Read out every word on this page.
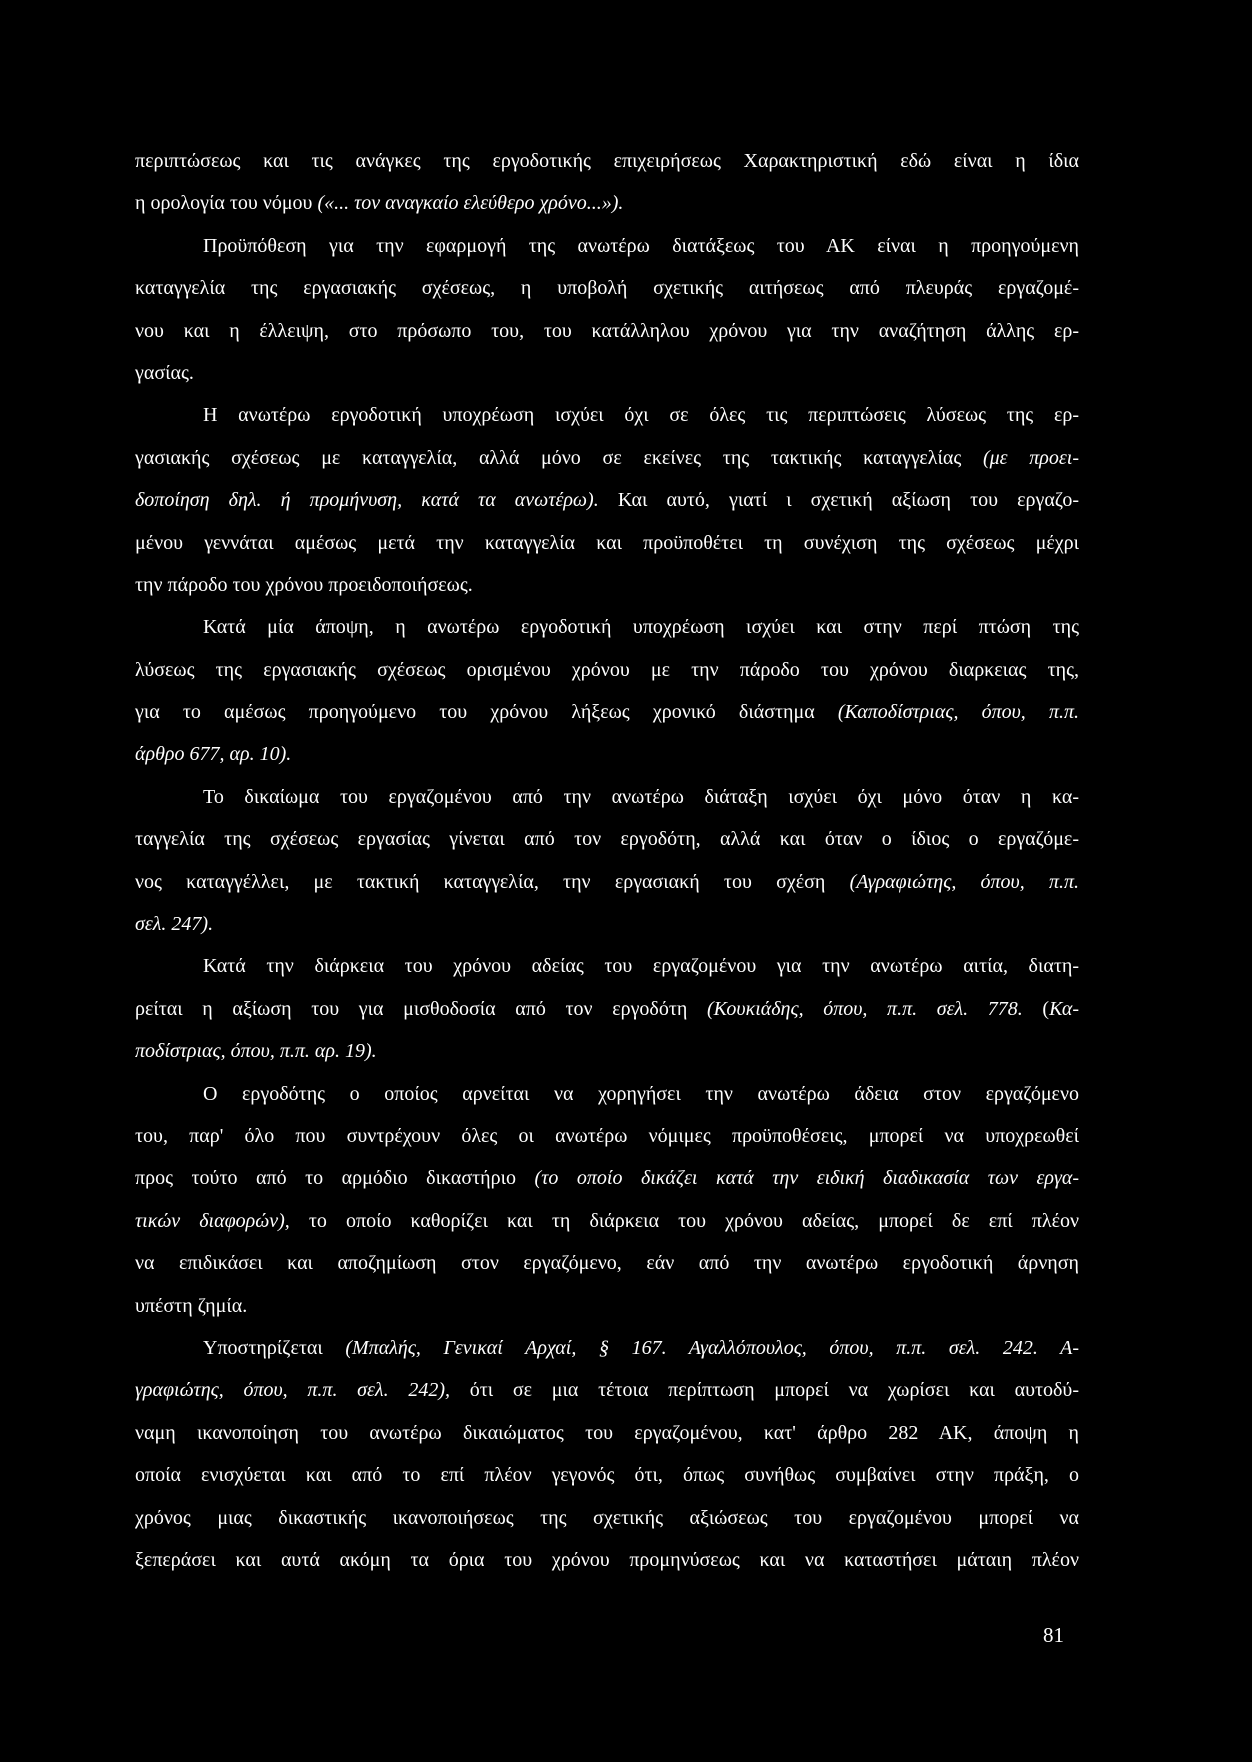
περιπτώσεως και τις ανάγκες της εργοδοτικής επιχειρήσεως Χαρακτηριστική εδώ είναι η ίδια
η ορολογία του νόμου («... τον αναγκαίο ελεύθερο χρόνο...»).
Προϋπόθεση για την εφαρμογή της ανωτέρω διατάξεως του ΑΚ είναι η προηγούμενη
καταγγελία της εργασιακής σχέσεως, η υποβολή σχετικής αιτήσεως από πλευράς εργαζομέ-
νου και η έλλειψη, στο πρόσωπο του, του κατάλληλου χρόνου για την αναζήτηση άλλης ερ-
γασίας.
Η ανωτέρω εργοδοτική υποχρέωση ισχύει όχι σε όλες τις περιπτώσεις λύσεως της ερ-
γασιακής σχέσεως με καταγγελία, αλλά μόνο σε εκείνες της τακτικής καταγγελίας (με προει-
δοποίηση δηλ. ή προμήνυση, κατά τα ανωτέρω). Και αυτό, γιατί ι σχετική αξίωση του εργαζο-
μένου γεννάται αμέσως μετά την καταγγελία και προϋποθέτει τη συνέχιση της σχέσεως μέχρι
την πάροδο του χρόνου προειδοποιήσεως.
Κατά μία άποψη, η ανωτέρω εργοδοτική υποχρέωση ισχύει και στην περί πτώση της
λύσεως της εργασιακής σχέσεως ορισμένου χρόνου με την πάροδο του χρόνου διαρκειας της,
για το αμέσως προηγούμενο του χρόνου λήξεως χρονικό διάστημα (Καποδίστριας, όπου, π.π.
άρθρο 677, αρ. 10).
Το δικαίωμα του εργαζομένου από την ανωτέρω διάταξη ισχύει όχι μόνο όταν η κα-
ταγγελία της σχέσεως εργασίας γίνεται από τον εργοδότη, αλλά και όταν ο ίδιος ο εργαζόμε-
νος καταγγέλλει, με τακτική καταγγελία, την εργασιακή του σχέση (Αγραφιώτης, όπου, π.π.
σελ. 247).
Κατά την διάρκεια του χρόνου αδείας του εργαζομένου για την ανωτέρω αιτία, διατη-
ρείται η αξίωση του για μισθοδοσία από τον εργοδότη (Κουκιάδης, όπου, π.π. σελ. 778. (Κα-
ποδίστριας, όπου, π.π. αρ. 19).
Ο εργοδότης ο οποίος αρνείται να χορηγήσει την ανωτέρω άδεια στον εργαζόμενο
του, παρ' όλο που συντρέχουν όλες οι ανωτέρω νόμιμες προϋποθέσεις, μπορεί να υποχρεωθεί
προς τούτο από το αρμόδιο δικαστήριο (το οποίο δικάζει κατά την ειδική διαδικασία των εργα-
τικών διαφορών), το οποίο καθορίζει και τη διάρκεια του χρόνου αδείας, μπορεί δε επί πλέον
να επιδικάσει και αποζημίωση στον εργαζόμενο, εάν από την ανωτέρω εργοδοτική άρνηση
υπέστη ζημία.
Υποστηρίζεται (Μπαλής, Γενικαί Αρχαί, § 167. Αγαλλόπουλος, όπου, π.π. σελ. 242. Α-
γραφιώτης, όπου, π.π. σελ. 242), ότι σε μια τέτοια περίπτωση μπορεί να χωρίσει και αυτοδύ-
ναμη ικανοποίηση του ανωτέρω δικαιώματος του εργαζομένου, κατ' άρθρο 282 ΑΚ, άποψη η
οποία ενισχύεται και από το επί πλέον γεγονός ότι, όπως συνήθως συμβαίνει στην πράξη, ο
χρόνος μιας δικαστικής ικανοποιήσεως της σχετικής αξιώσεως του εργαζομένου μπορεί να
ξεπεράσει και αυτά ακόμη τα όρια του χρόνου προμηνύσεως και να καταστήσει μάταιη πλέον
81
